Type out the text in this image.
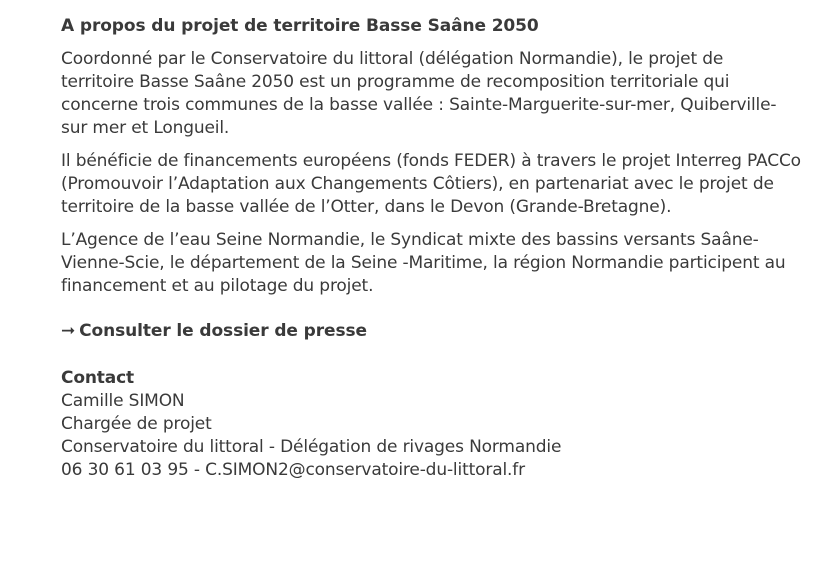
A propos du projet de territoire Basse Saâne 2050

Coordonné par le Conservatoire du littoral (délégation Normandie), le projet de territoire Basse Saâne 2050 est un programme de recomposition territoriale qui concerne trois communes de la basse vallée : Sainte-Marguerite-sur-mer, Quiberville-sur mer et Longueil.

Il bénéficie de financements européens (fonds FEDER) à travers le projet Interreg PACCo (Promouvoir l’Adaptation aux Changements Côtiers), en partenariat avec le projet de territoire de la basse vallée de l’Otter, dans le Devon (Grande-Bretagne).

L’Agence de l’eau Seine Normandie, le Syndicat mixte des bassins versants Saâne-Vienne-Scie, le département de la Seine -Maritime, la région Normandie participent au financement et au pilotage du projet.

➞ Consulter le dossier de presse
Contact
Camille SIMON
Chargée de projet
Conservatoire du littoral - Délégation de rivages Normandie
06 30 61 03 95 - C.SIMON2@conservatoire-du-littoral.fr
